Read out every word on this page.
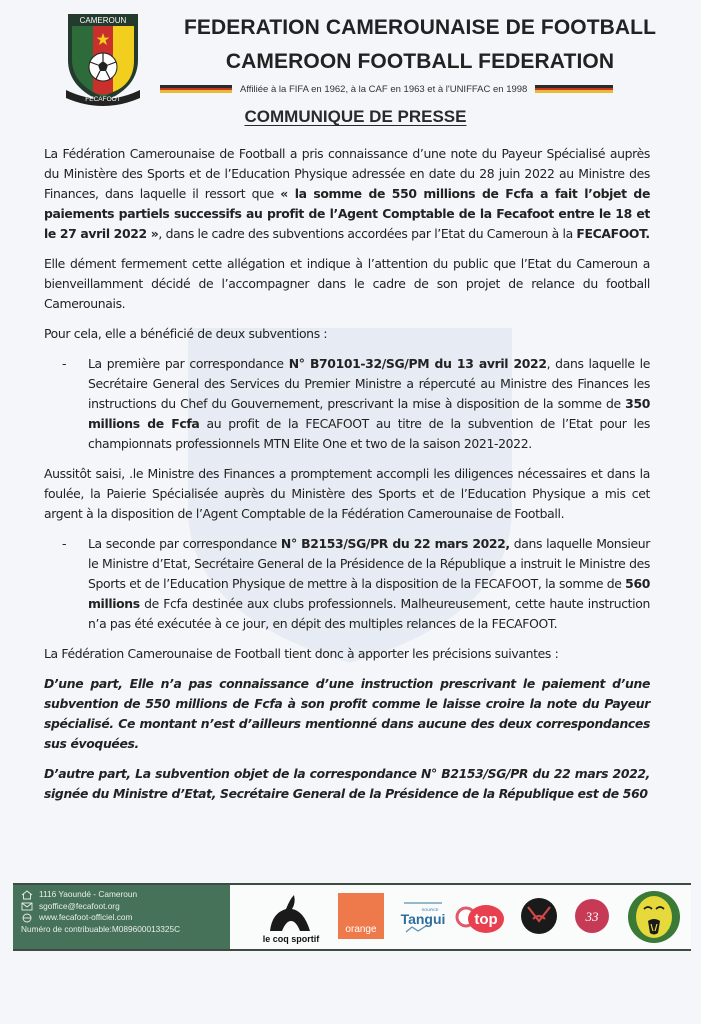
CAMEROUN
FECAFOOT
FEDERATION CAMEROUNAISE DE FOOTBALL
CAMEROON FOOTBALL FEDERATION
Affiliée à la FIFA en 1962, à la CAF en 1963 et à l'UNIFFAC en 1998
COMMUNIQUE DE PRESSE

La Fédération Camerounaise de Football a pris connaissance d’une note du Payeur Spécialisé auprès du Ministère des Sports et de l’Education Physique adressée en date du 28 juin 2022 au Ministre des Finances, dans laquelle il ressort que « la somme de 550 millions de Fcfa a fait l’objet de paiements partiels successifs au profit de l’Agent Comptable de la Fecafoot entre le 18 et le 27 avril 2022 », dans le cadre des subventions accordées par l’Etat du Cameroun à la FECAFOOT.

Elle dément fermement cette allégation et indique à l’attention du public que l’Etat du Cameroun a bienveillamment décidé de l’accompagner dans le cadre de son projet de relance du football Camerounais.

Pour cela, elle a bénéficié de deux subventions :

- La première par correspondance N° B70101-32/SG/PM du 13 avril 2022, dans laquelle le Secrétaire General des Services du Premier Ministre a répercuté au Ministre des Finances les instructions du Chef du Gouvernement, prescrivant la mise à disposition de la somme de 350 millions de Fcfa au profit de la FECAFOOT au titre de la subvention de l’Etat pour les championnats professionnels MTN Elite One et two de la saison 2021-2022.

Aussitôt saisi, .le Ministre des Finances a promptement accompli les diligences nécessaires et dans la foulée, la Paierie Spécialisée auprès du Ministère des Sports et de l’Education Physique a mis cet argent à la disposition de l’Agent Comptable de la Fédération Camerounaise de Football.

- La seconde par correspondance N° B2153/SG/PR du 22 mars 2022, dans laquelle Monsieur le Ministre d’Etat, Secrétaire General de la Présidence de la République a instruit le Ministre des Sports et de l’Education Physique de mettre à la disposition de la FECAFOOT, la somme de 560 millions de Fcfa destinée aux clubs professionnels. Malheureusement, cette haute instruction n’a pas été exécutée à ce jour, en dépit des multiples relances de la FECAFOOT.

La Fédération Camerounaise de Football tient donc à apporter les précisions suivantes :

D’une part, Elle n’a pas connaissance d’une instruction prescrivant le paiement d’une subvention de 550 millions de Fcfa à son profit comme le laisse croire la note du Payeur spécialisé. Ce montant n’est d’ailleurs mentionné dans aucune des deux correspondances sus évoquées.

D’autre part, La subvention objet de la correspondance N° B2153/SG/PR du 22 mars 2022, signée du Ministre d’Etat, Secrétaire General de la Présidence de la République est de 560

1116 Yaoundé - Cameroun
sgoffice@fecafoot.org
www.fecafoot-officiel.com
Numéro de contribuable:M089600013325C
le coq sportif
orange
SOURCE
Tangui top	33
